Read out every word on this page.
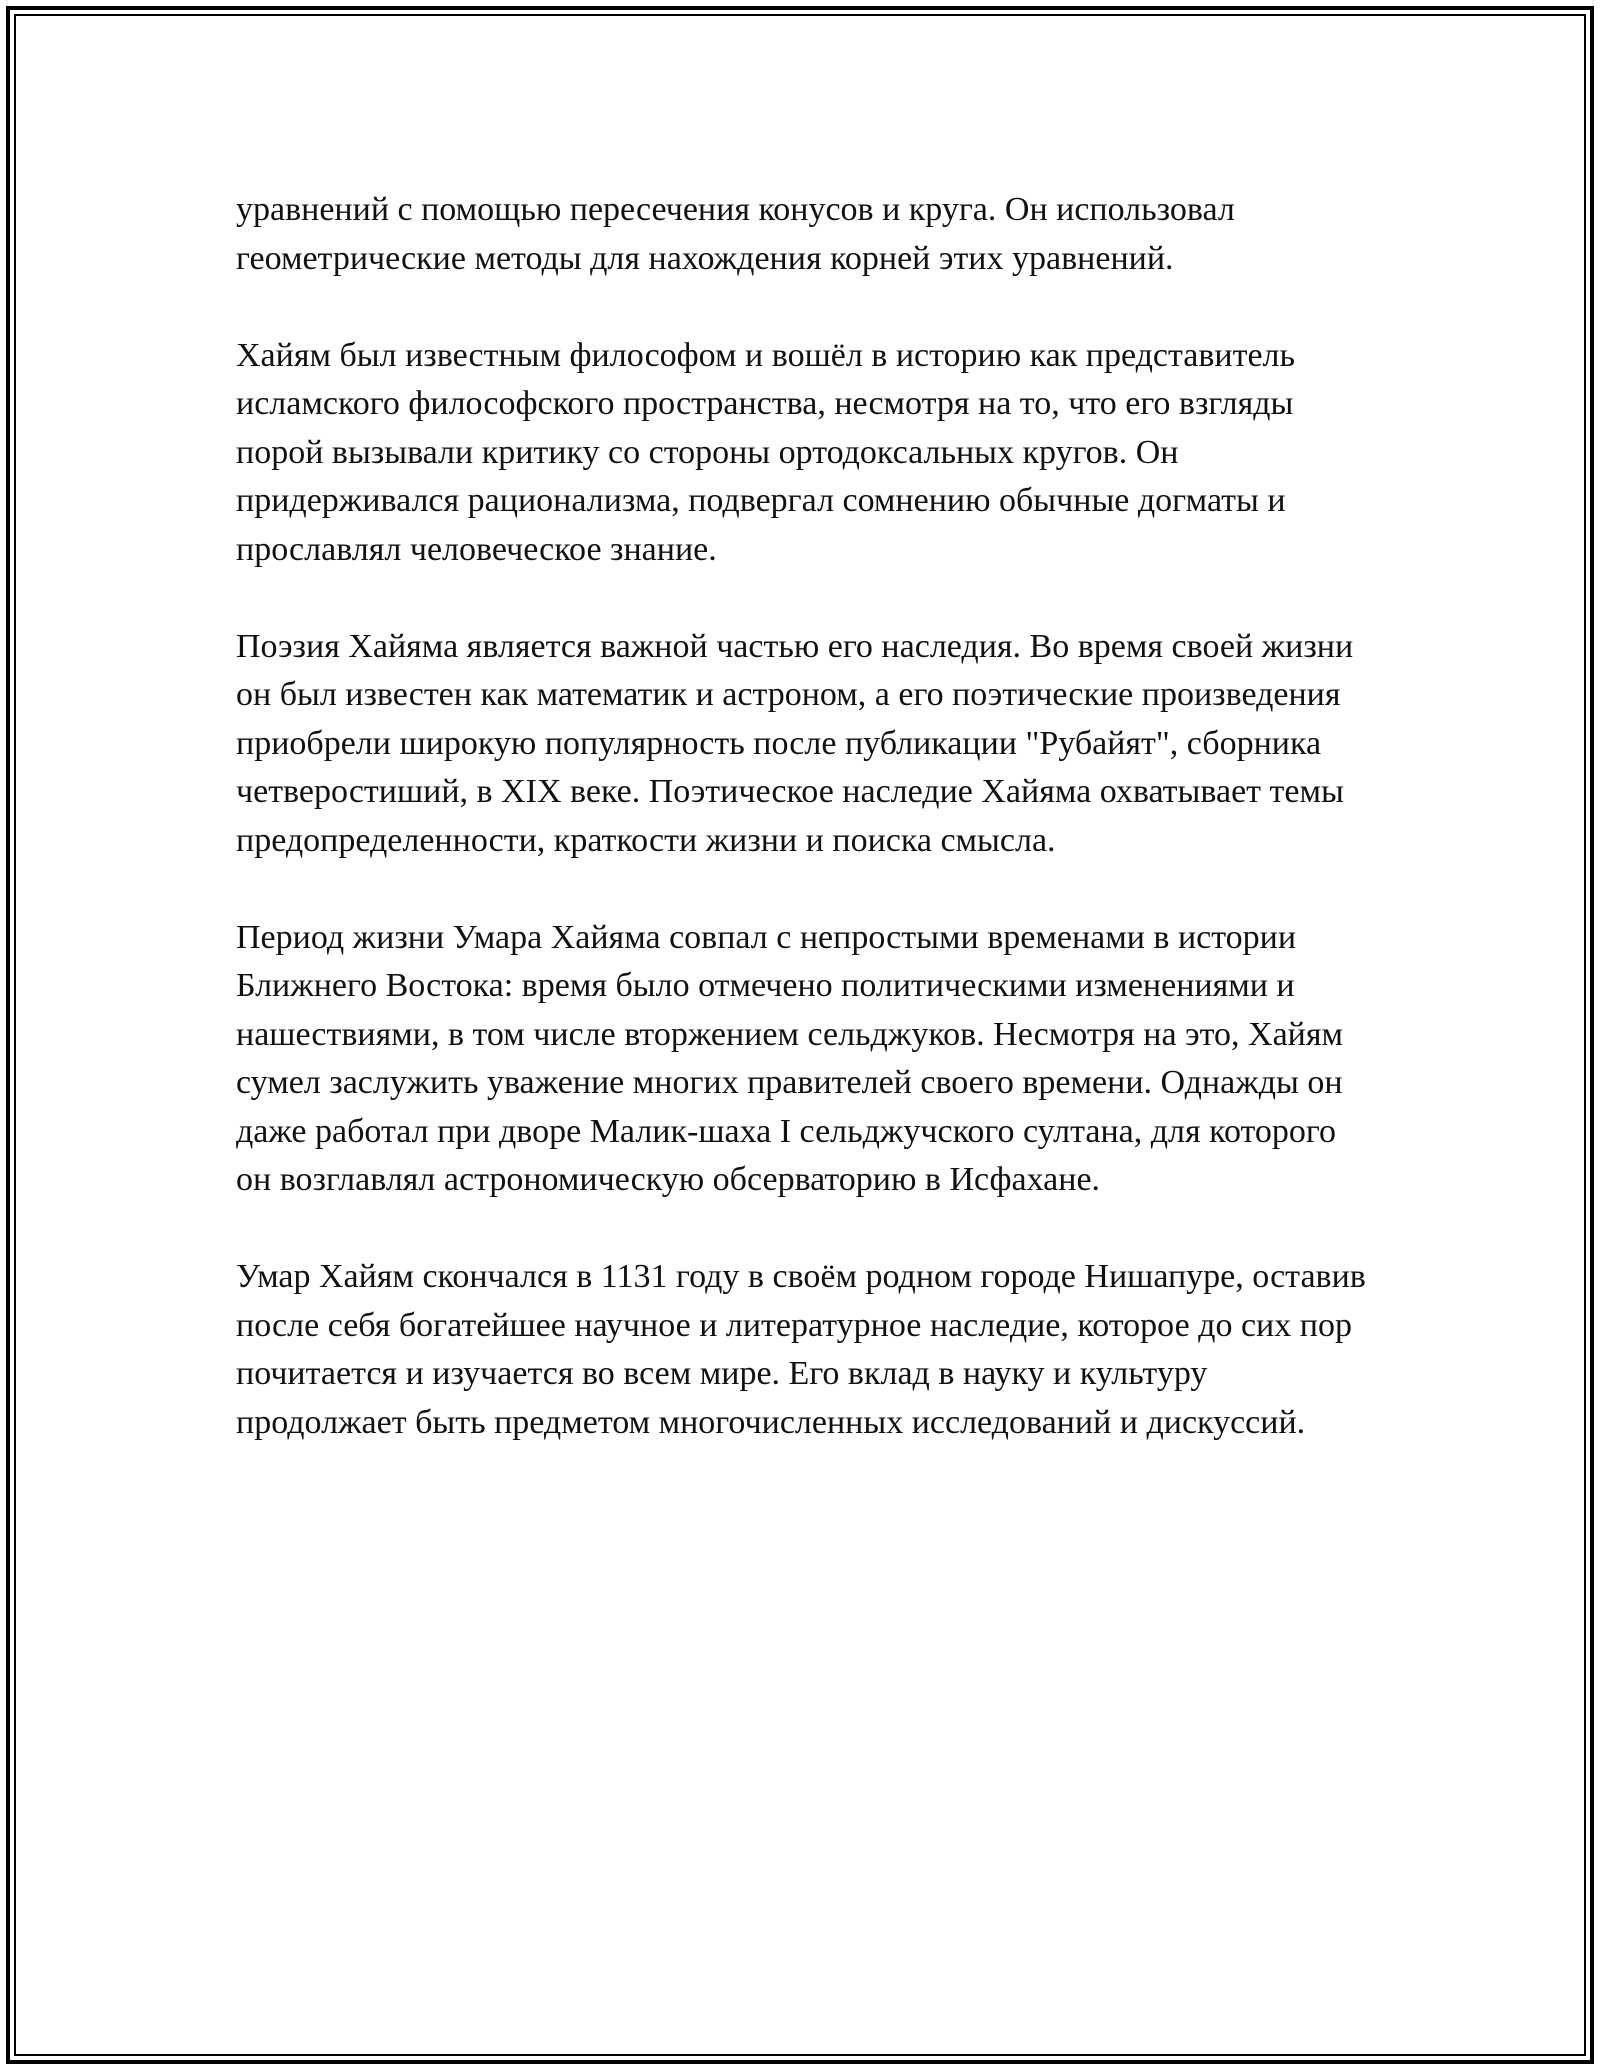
уравнений с помощью пересечения конусов и круга. Он использовал геометрические методы для нахождения корней этих уравнений.

Хайям был известным философом и вошёл в историю как представитель исламского философского пространства, несмотря на то, что его взгляды порой вызывали критику со стороны ортодоксальных кругов. Он придерживался рационализма, подвергал сомнению обычные догматы и прославлял человеческое знание.

Поэзия Хайяма является важной частью его наследия. Во время своей жизни он был известен как математик и астроном, а его поэтические произведения приобрели широкую популярность после публикации "Рубайят", сборника четверостиший, в XIX веке. Поэтическое наследие Хайяма охватывает темы предопределенности, краткости жизни и поиска смысла.

Период жизни Умара Хайяма совпал с непростыми временами в истории Ближнего Востока: время было отмечено политическими изменениями и нашествиями, в том числе вторжением сельджуков. Несмотря на это, Хайям сумел заслужить уважение многих правителей своего времени. Однажды он даже работал при дворе Малик-шаха I сельджучского султана, для которого он возглавлял астрономическую обсерваторию в Исфахане.

Умар Хайям скончался в 1131 году в своём родном городе Нишапуре, оставив после себя богатейшее научное и литературное наследие, которое до сих пор почитается и изучается во всем мире. Его вклад в науку и культуру продолжает быть предметом многочисленных исследований и дискуссий.
